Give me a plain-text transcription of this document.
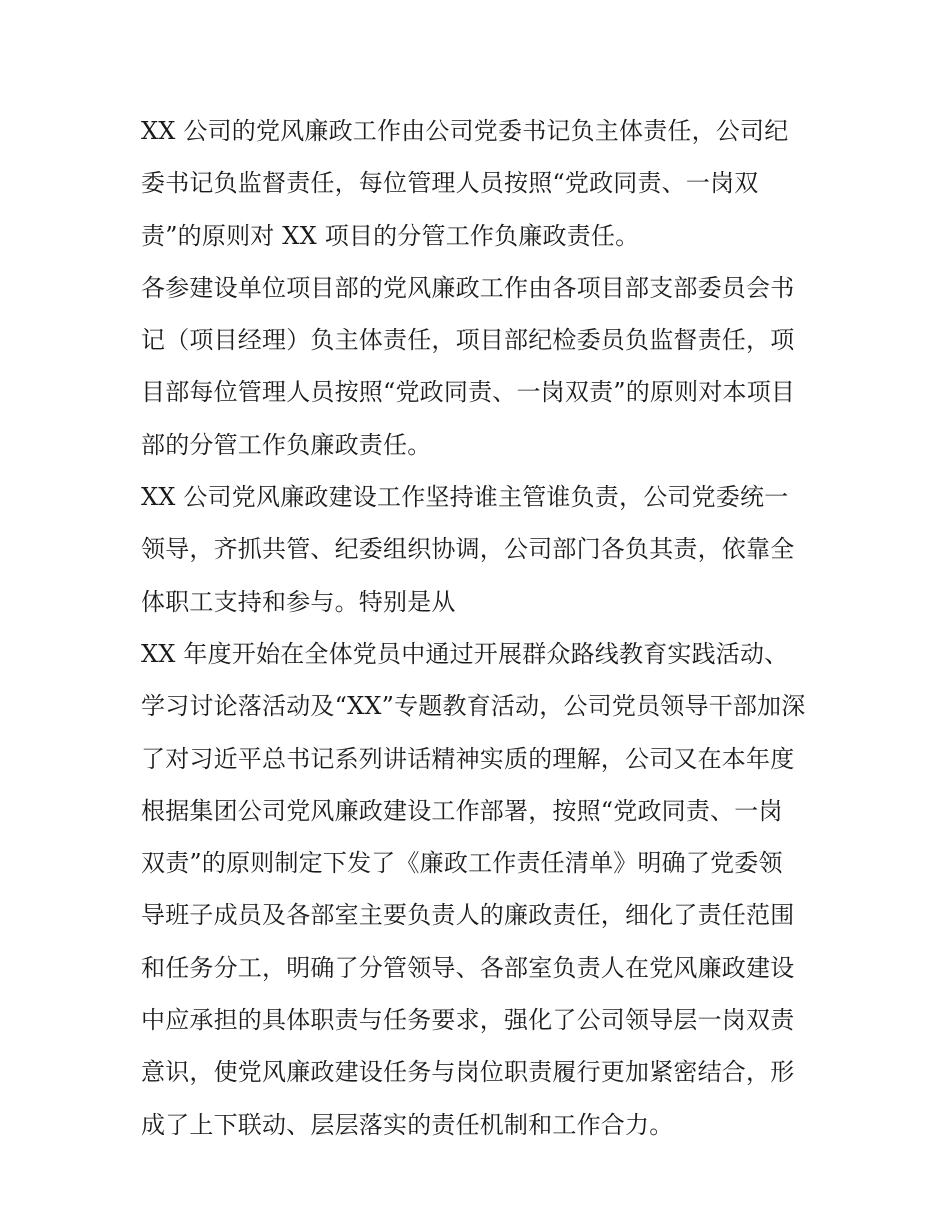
XX 公司的党风廉政工作由公司党委书记负主体责任，公司纪
委书记负监督责任，每位管理人员按照“党政同责、一岗双
责”的原则对 XX 项目的分管工作负廉政责任。
各参建设单位项目部的党风廉政工作由各项目部支部委员会书
记（项目经理）负主体责任，项目部纪检委员负监督责任，项
目部每位管理人员按照“党政同责、一岗双责”的原则对本项目
部的分管工作负廉政责任。
XX 公司党风廉政建设工作坚持谁主管谁负责，公司党委统一
领导，齐抓共管、纪委组织协调，公司部门各负其责，依靠全
体职工支持和参与。特别是从
XX 年度开始在全体党员中通过开展群众路线教育实践活动、
学习讨论落活动及“XX”专题教育活动，公司党员领导干部加深
了对习近平总书记系列讲话精神实质的理解，公司又在本年度
根据集团公司党风廉政建设工作部署，按照“党政同责、一岗
双责”的原则制定下发了《廉政工作责任清单》明确了党委领
导班子成员及各部室主要负责人的廉政责任，细化了责任范围
和任务分工，明确了分管领导、各部室负责人在党风廉政建设
中应承担的具体职责与任务要求，强化了公司领导层一岗双责
意识，使党风廉政建设任务与岗位职责履行更加紧密结合，形
成了上下联动、层层落实的责任机制和工作合力。
